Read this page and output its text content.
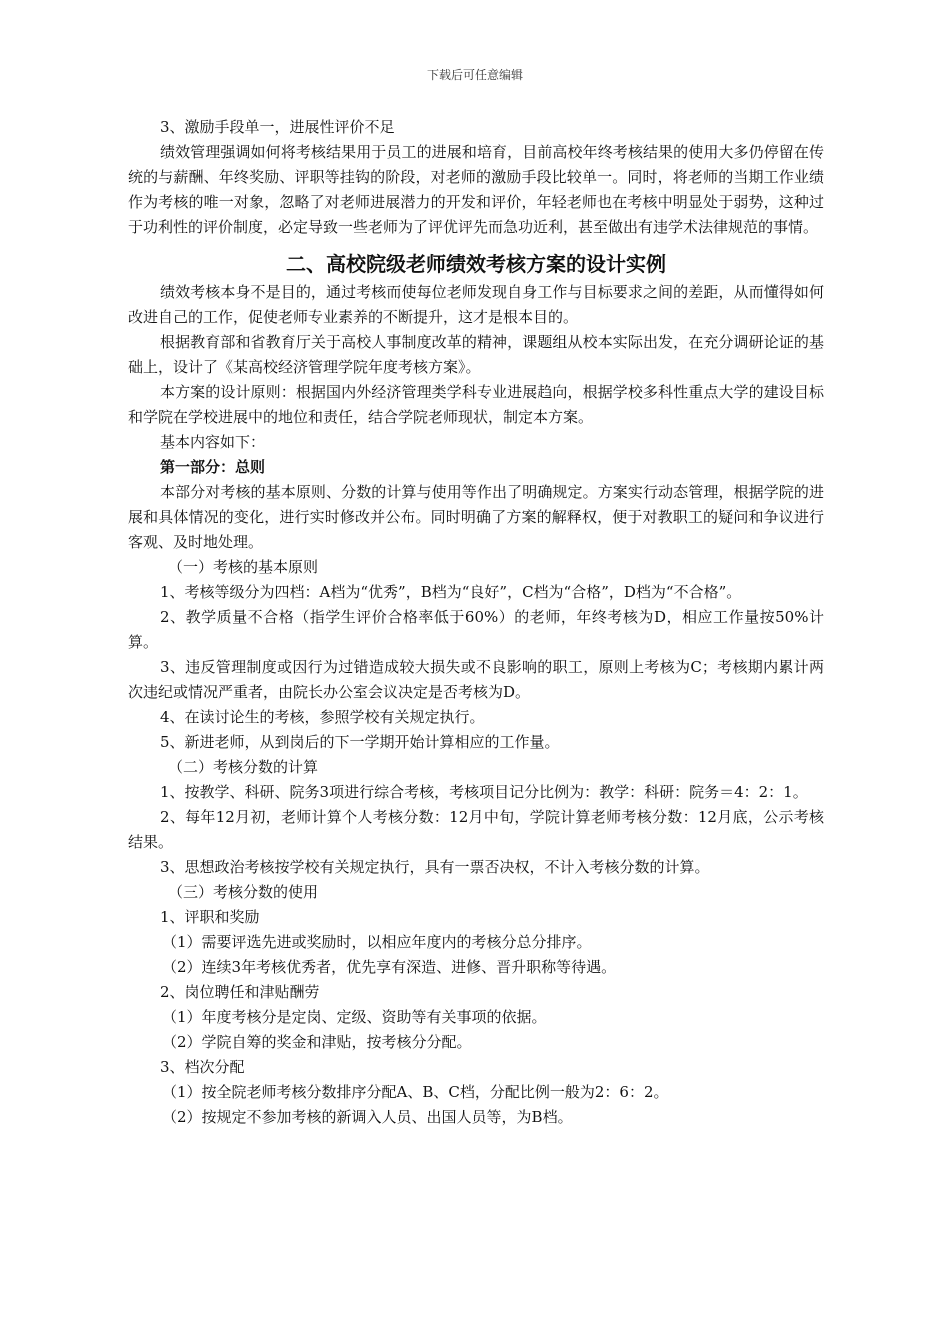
下载后可任意编辑

3、激励手段单一，进展性评价不足

绩效管理强调如何将考核结果用于员工的进展和培育，目前高校年终考核结果的使用大多仍停留在传统的与薪酬、年终奖励、评职等挂钩的阶段，对老师的激励手段比较单一。同时，将老师的当期工作业绩作为考核的唯一对象，忽略了对老师进展潜力的开发和评价，年轻老师也在考核中明显处于弱势，这种过于功利性的评价制度，必定导致一些老师为了评优评先而急功近利，甚至做出有违学术法律规范的事情。

二、高校院级老师绩效考核方案的设计实例

绩效考核本身不是目的，通过考核而使每位老师发现自身工作与目标要求之间的差距，从而懂得如何改进自己的工作，促使老师专业素养的不断提升，这才是根本目的。

根据教育部和省教育厅关于高校人事制度改革的精神，课题组从校本实际出发，在充分调研论证的基础上，设计了《某高校经济管理学院年度考核方案》。

本方案的设计原则：根据国内外经济管理类学科专业进展趋向，根据学校多科性重点大学的建设目标和学院在学校进展中的地位和责任，结合学院老师现状，制定本方案。

基本内容如下：

第一部分：总则

本部分对考核的基本原则、分数的计算与使用等作出了明确规定。方案实行动态管理，根据学院的进展和具体情况的变化，进行实时修改并公布。同时明确了方案的解释权，便于对教职工的疑问和争议进行客观、及时地处理。

（一）考核的基本原则

1、考核等级分为四档：A档为“优秀”，B档为“良好”，C档为“合格”，D档为“不合格”。

2、教学质量不合格（指学生评价合格率低于60%）的老师，年终考核为D，相应工作量按50%计算。

3、违反管理制度或因行为过错造成较大损失或不良影响的职工，原则上考核为C；考核期内累计两次违纪或情况严重者，由院长办公室会议决定是否考核为D。

4、在读讨论生的考核，参照学校有关规定执行。

5、新进老师，从到岗后的下一学期开始计算相应的工作量。

（二）考核分数的计算

1、按教学、科研、院务3项进行综合考核，考核项目记分比例为：教学：科研：院务＝4：2：1。

2、每年12月初，老师计算个人考核分数：12月中旬，学院计算老师考核分数：12月底，公示考核结果。

3、思想政治考核按学校有关规定执行，具有一票否决权，不计入考核分数的计算。

（三）考核分数的使用

1、评职和奖励

（1）需要评选先进或奖励时，以相应年度内的考核分总分排序。

（2）连续3年考核优秀者，优先享有深造、进修、晋升职称等待遇。

2、岗位聘任和津贴酬劳

（1）年度考核分是定岗、定级、资助等有关事项的依据。

（2）学院自筹的奖金和津贴，按考核分分配。

3、档次分配

（1）按全院老师考核分数排序分配A、B、C档，分配比例一般为2：6：2。

（2）按规定不参加考核的新调入人员、出国人员等，为B档。
